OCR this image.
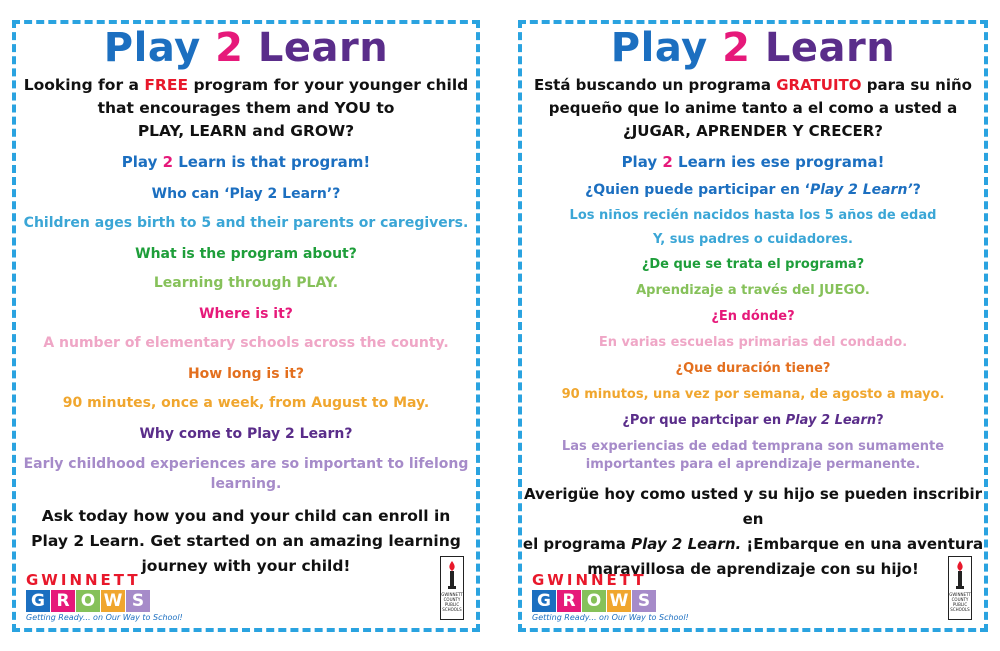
Play 2 Learn
Looking for a FREE program for your younger child
that encourages them and YOU to
PLAY, LEARN and GROW?
Play 2 Learn is that program!
Who can ‘Play 2 Learn’?
Children ages birth to 5 and their parents or caregivers.
What is the program about?
Learning through PLAY.
Where is it?
A number of elementary schools across the county.
How long is it?
90 minutes, once a week, from August to May.
Why come to Play 2 Learn?
Early childhood experiences are so important to lifelong
learning.
Ask today how you and your child can enroll in
Play 2 Learn. Get started on an amazing learning
journey with your child!
GWINNETT
G R O W S
Getting Ready... on Our Way to School!
GWINNETT COUNTY PUBLIC SCHOOLS
Play 2 Learn
Está buscando un programa GRATUITO para su niño
pequeño que lo anime tanto a el como a usted a
¿JUGAR, APRENDER Y CRECER?
Play 2 Learn ies ese programa!
¿Quien puede participar en ‘Play 2 Learn’?
Los niños recién nacidos hasta los 5 años de edad
Y, sus padres o cuidadores.
¿De que se trata el programa?
Aprendizaje a través del JUEGO.
¿En dónde?
En varias escuelas primarias del condado.
¿Que duración tiene?
90 minutos, una vez por semana, de agosto a mayo.
¿Por que partcipar en Play 2 Learn?
Las experiencias de edad temprana son sumamente
importantes para el aprendizaje permanente.
Averigüe hoy como usted y su hijo se pueden inscribir en
el programa Play 2 Learn. ¡Embarque en una aventura
maravillosa de aprendizaje con su hijo!
GWINNETT
G R O W S
Getting Ready... on Our Way to School!
GWINNETT COUNTY PUBLIC SCHOOLS
